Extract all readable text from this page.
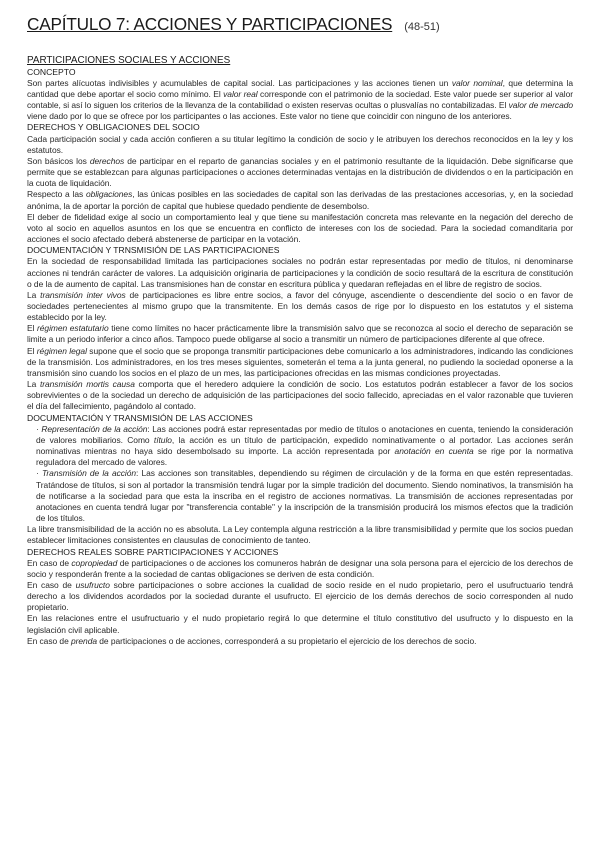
CAPÍTULO 7: ACCIONES Y PARTICIPACIONES (48-51)
PARTICIPACIONES SOCIALES Y ACCIONES
CONCEPTO

Son partes alícuotas indivisibles y acumulables de capital social. Las participaciones y las acciones tienen un valor nominal, que determina la cantidad que debe aportar el socio como mínimo. El valor real corresponde con el patrimonio de la sociedad. Este valor puede ser superior al valor contable, si así lo siguen los criterios de la llevanza de la contabilidad o existen reservas ocultas o plusvalías no contabilizadas. El valor de mercado viene dado por lo que se ofrece por los participantes o las acciones. Este valor no tiene que coincidir con ninguno de los anteriores.

DERECHOS Y OBLIGACIONES DEL SOCIO

Cada participación social y cada acción confieren a su titular legítimo la condición de socio y le atribuyen los derechos reconocidos en la ley y los estatutos.

Son básicos los derechos de participar en el reparto de ganancias sociales y en el patrimonio resultante de la liquidación. Debe significarse que permite que se establezcan para algunas participaciones o acciones determinadas ventajas en la distribución de dividendos o en la participación en la cuota de liquidación.

Respecto a las obligaciones, las únicas posibles en las sociedades de capital son las derivadas de las prestaciones accesorias, y, en la sociedad anónima, la de aportar la porción de capital que hubiese quedado pendiente de desembolso.

El deber de fidelidad exige al socio un comportamiento leal y que tiene su manifestación concreta mas relevante en la negación del derecho de voto al socio en aquellos asuntos en los que se encuentra en conflicto de intereses con los de sociedad. Para la sociedad comanditaria por acciones el socio afectado deberá abstenerse de participar en la votación.

DOCUMENTACIÓN Y TRNSMISIÓN DE LAS PARTICIPACIONES

En la sociedad de responsabilidad limitada las participaciones sociales no podrán estar representadas por medio de títulos, ni denominarse acciones ni tendrán carácter de valores. La adquisición originaria de participaciones y la condición de socio resultará de la escritura de constitución o de la de aumento de capital. Las transmisiones han de constar en escritura pública y quedaran reflejadas en el libre de registro de socios.

La transmisión inter vivos de participaciones es libre entre socios, a favor del cónyuge, ascendiente o descendiente del socio o en favor de sociedades pertenecientes al mismo grupo que la transmitente. En los demás casos de rige por lo dispuesto en los estatutos y el sistema establecido por la ley.

El régimen estatutario tiene como límites no hacer prácticamente libre la transmisión salvo que se reconozca al socio el derecho de separación se limite a un periodo inferior a cinco años. Tampoco puede obligarse al socio a transmitir un número de participaciones diferente al que ofrece.

El régimen legal supone que el socio que se proponga transmitir participaciones debe comunicarlo a los administradores, indicando las condiciones de la transmisión. Los administradores, en los tres meses siguientes, someterán el tema a la junta general, no pudiendo la sociedad oponerse a la transmisión sino cuando los socios en el plazo de un mes, las participaciones ofrecidas en las mismas condiciones proyectadas.

La transmisión mortis causa comporta que el heredero adquiere la condición de socio. Los estatutos podrán establecer a favor de los socios sobrevivientes o de la sociedad un derecho de adquisición de las participaciones del socio fallecido, apreciadas en el valor razonable que tuvieren el día del fallecimiento, pagándolo al contado.

DOCUMENTACIÓN Y TRANSMISIÓN DE LAS ACCIONES

· Representación de la acción: Las acciones podrá estar representadas por medio de títulos o anotaciones en cuenta, teniendo la consideración de valores mobiliarios. Como título, la acción es un título de participación, expedido nominativamente o al portador. Las acciones serán nominativas mientras no haya sido desembolsado su importe. La acción representada por anotación en cuenta se rige por la normativa reguladora del mercado de valores.

· Transmisión de la acción: Las acciones son transitables, dependiendo su régimen de circulación y de la forma en que estén representadas. Tratándose de títulos, si son al portador la transmisión tendrá lugar por la simple tradición del documento. Siendo nominativos, la transmisión ha de notificarse a la sociedad para que esta la inscriba en el registro de acciones normativas. La transmisión de acciones representadas por anotaciones en cuenta tendrá lugar por "transferencia contable" y la inscripción de la transmisión producirá los mismos efectos que la tradición de los títulos.

La libre transmisibilidad de la acción no es absoluta. La Ley contempla alguna restricción a la libre transmisibilidad y permite que los socios puedan establecer limitaciones consistentes en clausulas de conocimiento de tanteo.

DERECHOS REALES SOBRE PARTICIPACIONES Y ACCIONES

En caso de copropiedad de participaciones o de acciones los comuneros habrán de designar una sola persona para el ejercicio de los derechos de socio y responderán frente a la sociedad de cantas obligaciones se deriven de esta condición.

En caso de usufructo sobre participaciones o sobre acciones la cualidad de socio reside en el nudo propietario, pero el usufructuario tendrá derecho a los dividendos acordados por la sociedad durante el usufructo. El ejercicio de los demás derechos de socio corresponden al nudo propietario.

En las relaciones entre el usufructuario y el nudo propietario regirá lo que determine el título constitutivo del usufructo y lo dispuesto en la legislación civil aplicable.

En caso de prenda de participaciones o de acciones, corresponderá a su propietario el ejercicio de los derechos de socio.
